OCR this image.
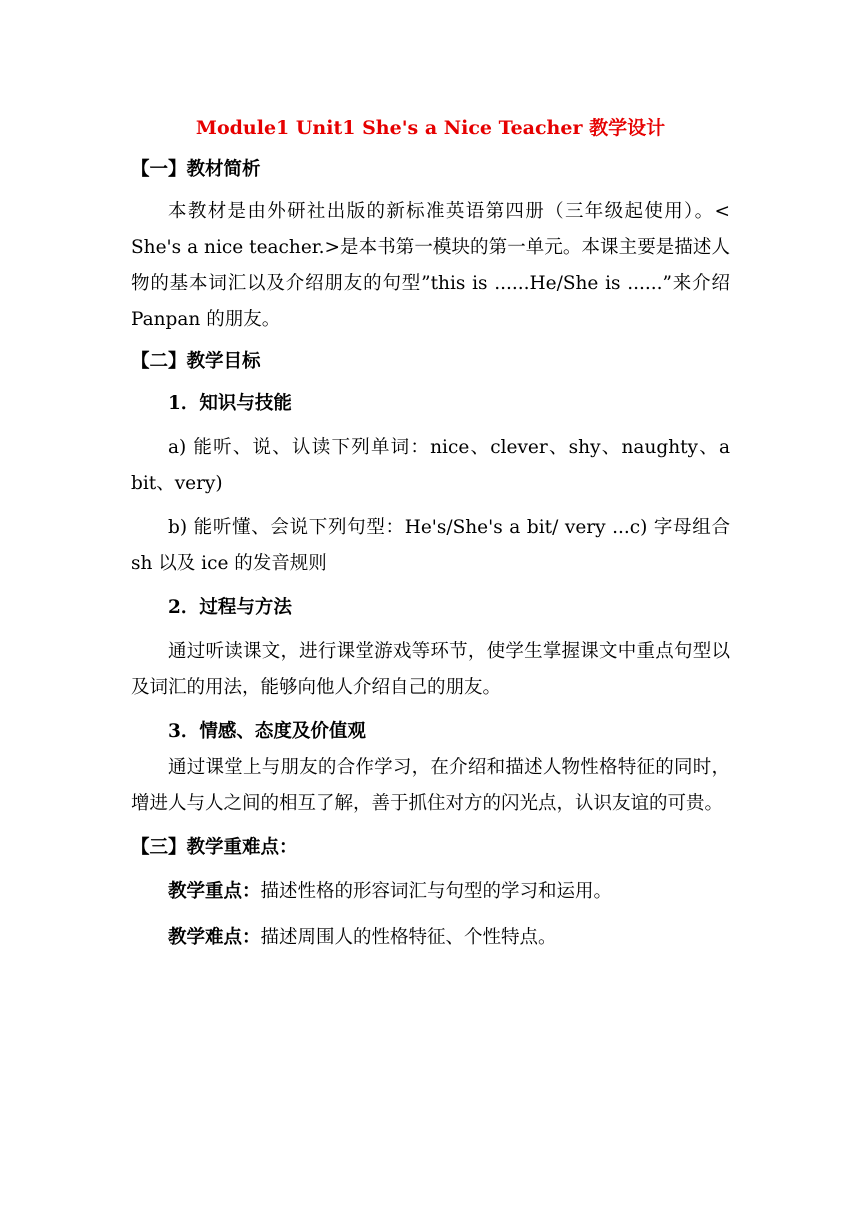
Module1 Unit1 She's a Nice Teacher 教学设计
【一】教材简析
本教材是由外研社出版的新标准英语第四册（三年级起使用）。< She's a nice teacher.>是本书第一模块的第一单元。本课主要是描述人物的基本词汇以及介绍朋友的句型”this is ......He/She is ......”来介绍Panpan 的朋友。
【二】教学目标
1．知识与技能
a) 能听、说、认读下列单词：nice、clever、shy、naughty、a bit、very)
b) 能听懂、会说下列句型：He's/She's a bit/ very ...c) 字母组合 sh 以及 ice 的发音规则
2．过程与方法
通过听读课文，进行课堂游戏等环节，使学生掌握课文中重点句型以及词汇的用法，能够向他人介绍自己的朋友。
3．情感、态度及价值观
通过课堂上与朋友的合作学习，在介绍和描述人物性格特征的同时，增进人与人之间的相互了解，善于抓住对方的闪光点，认识友谊的可贵。
【三】教学重难点：
教学重点：描述性格的形容词汇与句型的学习和运用。
教学难点：描述周围人的性格特征、个性特点。
